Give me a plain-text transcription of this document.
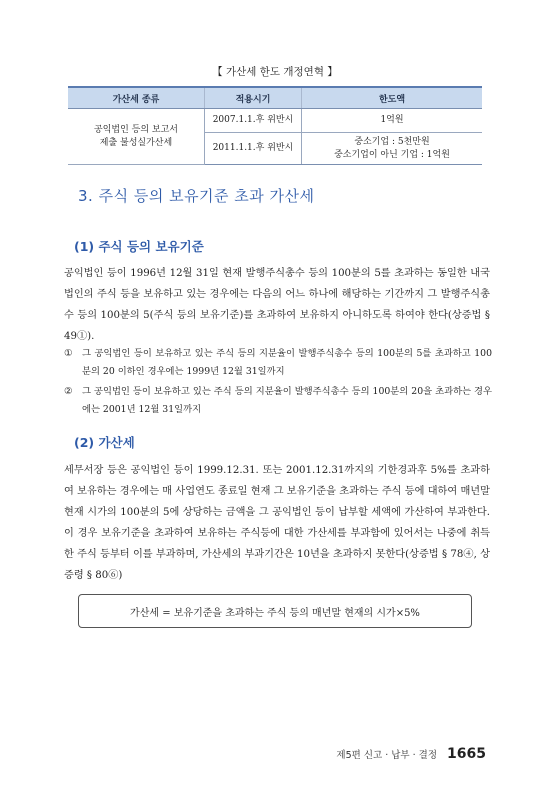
【 가산세 한도 개정연혁 】
가산세 종류	적용시기	한도액

공익법인 등의 보고서
제출 불성실가산세	2007.1.1.후 위반시	1억원

	2011.1.1.후 위반시	중소기업 : 5천만원
중소기업이 아닌 기업 : 1억원
3. 주식 등의 보유기준 초과 가산세
(1) 주식 등의 보유기준

공익법인 등이 1996년 12월 31일 현재 발행주식총수 등의 100분의 5를 초과하는 동일한 내국법인의 주식 등을 보유하고 있는 경우에는 다음의 어느 하나에 해당하는 기간까지 그 발행주식총수 등의 100분의 5(주식 등의 보유기준)를 초과하여 보유하지 아니하도록 하여야 한다(상증법 § 49①).

① 그 공익법인 등이 보유하고 있는 주식 등의 지분율이 발행주식총수 등의 100분의 5를 초과하고 100분의 20 이하인 경우에는 1999년 12월 31일까지
② 그 공익법인 등이 보유하고 있는 주식 등의 지분율이 발행주식총수 등의 100분의 20을 초과하는 경우에는 2001년 12월 31일까지
(2) 가산세

세무서장 등은 공익법인 등이 1999.12.31. 또는 2001.12.31까지의 기한경과후 5%를 초과하여 보유하는 경우에는 매 사업연도 종료일 현재 그 보유기준을 초과하는 주식 등에 대하여 매년말 현재 시가의 100분의 5에 상당하는 금액을 그 공익법인 등이 납부할 세액에 가산하여 부과한다. 이 경우 보유기준을 초과하여 보유하는 주식등에 대한 가산세를 부과함에 있어서는 나중에 취득한 주식 등부터 이를 부과하며, 가산세의 부과기간은 10년을 초과하지 못한다(상증법 § 78④, 상증령 § 80⑥)

가산세 = 보유기준을 초과하는 주식 등의 매년말 현재의 시가×5%
제5편 신고 · 납부 · 결정 1665
